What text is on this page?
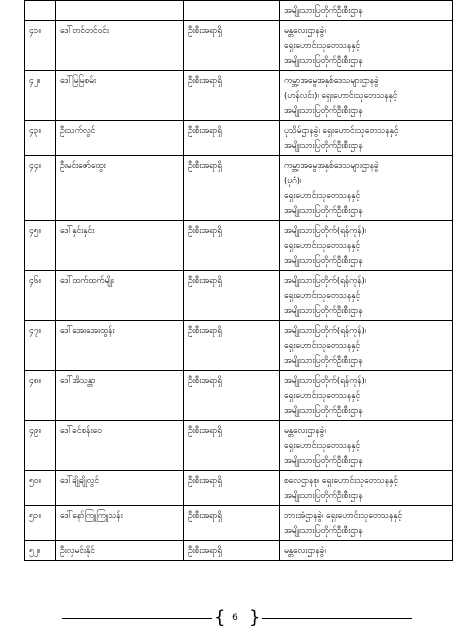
			အမျိုးသားပြတိုက်ဦးစီးဌာန

၄၁။	ဒေါ်တင်တင်ဝင်း	ဦးစီးအရာရှိ	မန္တလေးဌာနခွဲ၊
ရှေးဟောင်းသုတေသနနှင့်
အမျိုးသားပြတိုက်ဦးစီးဌာန

၄၂။	ဒေါ်မြမြစမ်း	ဦးစီးအရာရှိ	ကမ္ဘာ့အမွေအနှစ်ဒေသများဌာနခွဲ
(ဟန်လင်း)၊ ရှေးဟောင်းသုတေသနနှင့်
အမျိုးသားပြတိုက်ဦးစီးဌာန

၄၃။	ဦးသက်လွင်	ဦးစီးအရာရှိ	ပုသိမ်ဌာနခွဲ၊ ရှေးဟောင်းသုတေသနနှင့်
အမျိုးသားပြတိုက်ဦးစီးဌာန

၄၄။	ဦးမင်းဇော်ထွေး	ဦးစီးအရာရှိ	ကမ္ဘာ့အမွေအနှစ်ဒေသများဌာနခွဲ
(ပုဂံ)၊
ရှေးဟောင်းသုတေသနနှင့်
အမျိုးသားပြတိုက်ဦးစီးဌာန

၄၅။	ဒေါ်နှင်းနှင်း	ဦးစီးအရာရှိ	အမျိုးသားပြတိုက်(ရန်ကုန်)၊
ရှေးဟောင်းသုတေသနနှင့်
အမျိုးသားပြတိုက်ဦးစီးဌာန

၄၆။	ဒေါ်ထက်ထက်မျိုး	ဦးစီးအရာရှိ	အမျိုးသားပြတိုက်(ရန်ကုန်)၊
ရှေးဟောင်းသုတေသနနှင့်
အမျိုးသားပြတိုက်ဦးစီးဌာန

၄၇။	ဒေါ်အေးအေးထွန်း	ဦးစီးအရာရှိ	အမျိုးသားပြတိုက်(ရန်ကုန်)၊
ရှေးဟောင်းသုတေသနနှင့်
အမျိုးသားပြတိုက်ဦးစီးဌာန

၄၈။	ဒေါ်အိသန္တာ	ဦးစီးအရာရှိ	အမျိုးသားပြတိုက်(ရန်ကုန်)၊
ရှေးဟောင်းသုတေသနနှင့်
အမျိုးသားပြတိုက်ဦးစီးဌာန

၄၉။	ဒေါ်ခင်စန်းဝေ	ဦးစီးအရာရှိ	မန္တလေးဌာနခွဲ၊
ရှေးဟောင်းသုတေသနနှင့်
အမျိုးသားပြတိုက်ဦးစီးဌာန

၅၀။	ဒေါ်ချိုချိုလွင်	ဦးစီးအရာရှိ	စလေဌာနစု၊ ရှေးဟောင်းသုတေသနနှင့်
အမျိုးသားပြတိုက်ဦးစီးဌာန

၅၁။	ဒေါ်နော်ကြူကြူသန်း	ဦးစီးအရာရှိ	ဘားအံဌာနခွဲ၊ ရှေးဟောင်းသုတေသနနှင့်
အမျိုးသားပြတိုက်ဦးစီးဌာန

၅၂။	ဦးလှမင်းနိုင်	ဦးစီးအရာရှိ	မန္တလေးဌာနခွဲ၊
{ 6 }
